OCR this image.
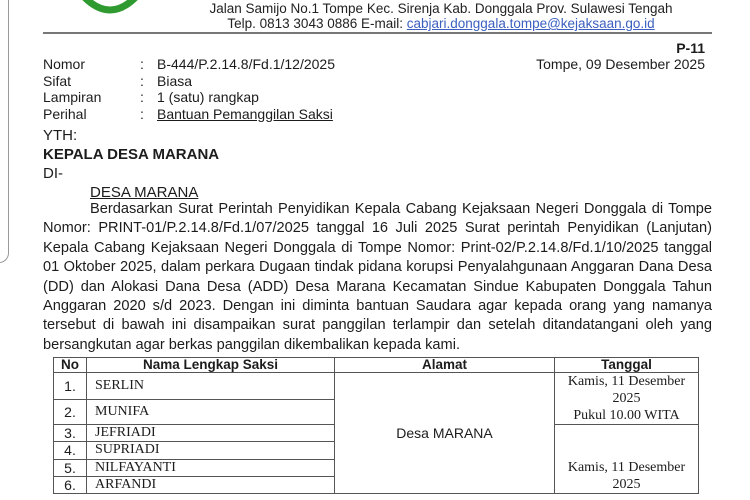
Jalan Samijo No.1 Tompe Kec. Sirenja Kab. Donggala Prov. Sulawesi Tengah
Telp. 0813 3043 0886 E-mail: cabjari.donggala.tompe@kejaksaan.go.id
P-11
Tompe, 09 Desember 2025
Nomor	: B-444/P.2.14.8/Fd.1/12/2025
Sifat	: Biasa
Lampiran	: 1 (satu) rangkap
Perihal	: Bantuan Pemanggilan Saksi
YTH:
KEPALA DESA MARANA
DI-
DESA MARANA

Berdasarkan Surat Perintah Penyidikan Kepala Cabang Kejaksaan Negeri Donggala di Tompe Nomor: PRINT-01/P.2.14.8/Fd.1/07/2025 tanggal 16 Juli 2025 Surat perintah Penyidikan (Lanjutan) Kepala Cabang Kejaksaan Negeri Donggala di Tompe Nomor: Print-02/P.2.14.8/Fd.1/10/2025 tanggal 01 Oktober 2025, dalam perkara Dugaan tindak pidana korupsi Penyalahgunaan Anggaran Dana Desa (DD) dan Alokasi Dana Desa (ADD) Desa Marana Kecamatan Sindue Kabupaten Donggala Tahun Anggaran 2020 s/d 2023. Dengan ini diminta bantuan Saudara agar kepada orang yang namanya tersebut di bawah ini disampaikan surat panggilan terlampir dan setelah ditandatangani oleh yang bersangkutan agar berkas panggilan dikembalikan kepada kami.

No	Nama Lengkap Saksi	Alamat	Tanggal
1.	SERLIN	Desa MARANA	Kamis, 11 Desember
2025
Pukul 10.00 WITA

2.	MUNIFA		
3.	JEFRIADI		Kamis, 11 Desember
2025

4.	SUPRIADI		
5.	NILFAYANTI		
6.	ARFANDI		
